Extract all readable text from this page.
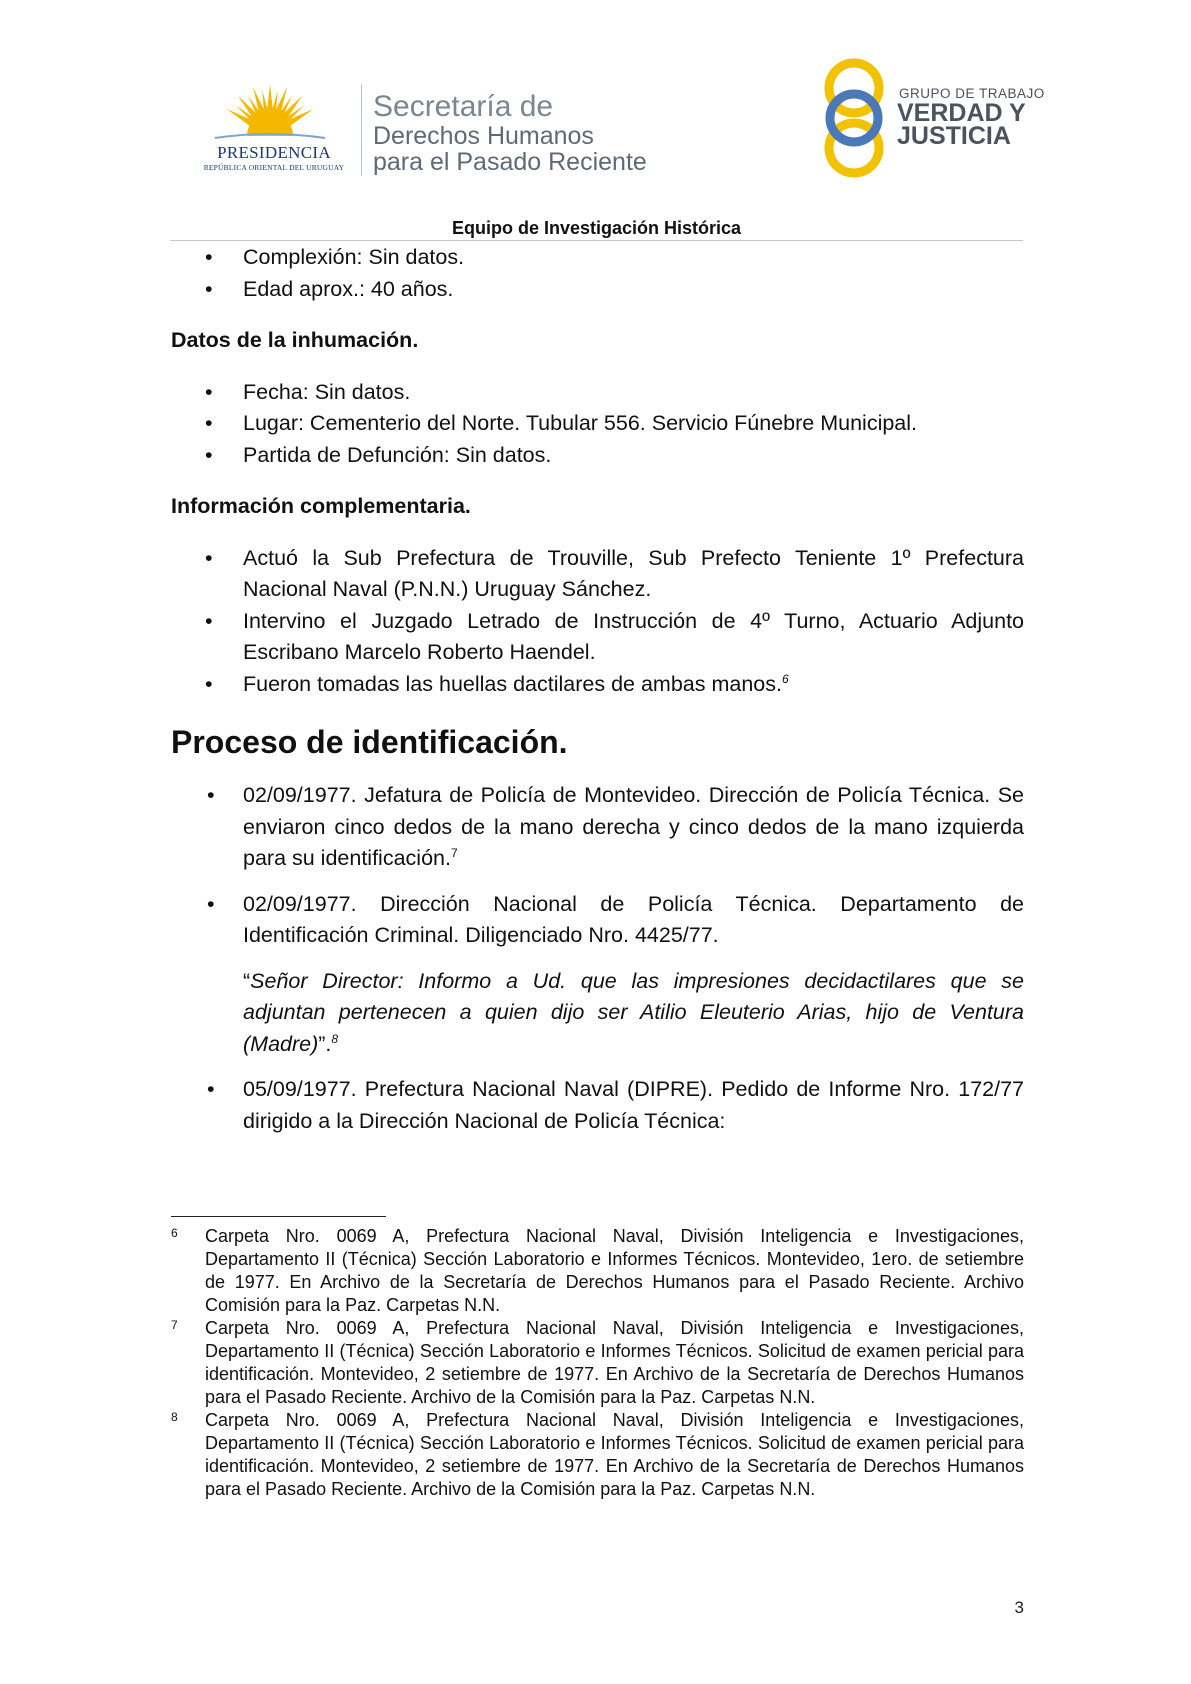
PRESIDENCIA
REPÚBLICA ORIENTAL DEL URUGUAY
Secretaría de
Derechos Humanos
para el Pasado Reciente
GRUPO DE TRABAJO
VERDAD Y
JUSTICIA
Equipo de Investigación Histórica
• Complexión: Sin datos.
• Edad aprox.: 40 años.

Datos de la inhumación.

• Fecha: Sin datos.
• Lugar: Cementerio del Norte. Tubular 556. Servicio Fúnebre Municipal.
• Partida de Defunción: Sin datos.

Información complementaria.

• Actuó la Sub Prefectura de Trouville, Sub Prefecto Teniente 1º Prefectura Nacional Naval (P.N.N.) Uruguay Sánchez.
• Intervino el Juzgado Letrado de Instrucción de 4º Turno, Actuario Adjunto Escribano Marcelo Roberto Haendel.
• Fueron tomadas las huellas dactilares de ambas manos.$^6$

Proceso de identificación.

• 02/09/1977. Jefatura de Policía de Montevideo. Dirección de Policía Técnica. Se enviaron cinco dedos de la mano derecha y cinco dedos de la mano izquierda para su identificación.$^7$
• 02/09/1977. Dirección Nacional de Policía Técnica. Departamento de Identificación Criminal. Diligenciado Nro. 4425/77.

“Señor Director: Informo a Ud. que las impresiones decidactilares que se adjuntan pertenecen a quien dijo ser Atilio Eleuterio Arias, hijo de Ventura (Madre)”.$^8$

• 05/09/1977. Prefectura Nacional Naval (DIPRE). Pedido de Informe Nro. 172/77 dirigido a la Dirección Nacional de Policía Técnica:
6 Carpeta Nro. 0069 A, Prefectura Nacional Naval, División Inteligencia e Investigaciones, Departamento II (Técnica) Sección Laboratorio e Informes Técnicos. Montevideo, 1ero. de setiembre de 1977. En Archivo de la Secretaría de Derechos Humanos para el Pasado Reciente. Archivo Comisión para la Paz. Carpetas N.N.
7 Carpeta Nro. 0069 A, Prefectura Nacional Naval, División Inteligencia e Investigaciones, Departamento II (Técnica) Sección Laboratorio e Informes Técnicos. Solicitud de examen pericial para identificación. Montevideo, 2 setiembre de 1977. En Archivo de la Secretaría de Derechos Humanos para el Pasado Reciente. Archivo de la Comisión para la Paz. Carpetas N.N.
8 Carpeta Nro. 0069 A, Prefectura Nacional Naval, División Inteligencia e Investigaciones, Departamento II (Técnica) Sección Laboratorio e Informes Técnicos. Solicitud de examen pericial para identificación. Montevideo, 2 setiembre de 1977. En Archivo de la Secretaría de Derechos Humanos para el Pasado Reciente. Archivo de la Comisión para la Paz. Carpetas N.N.
3
